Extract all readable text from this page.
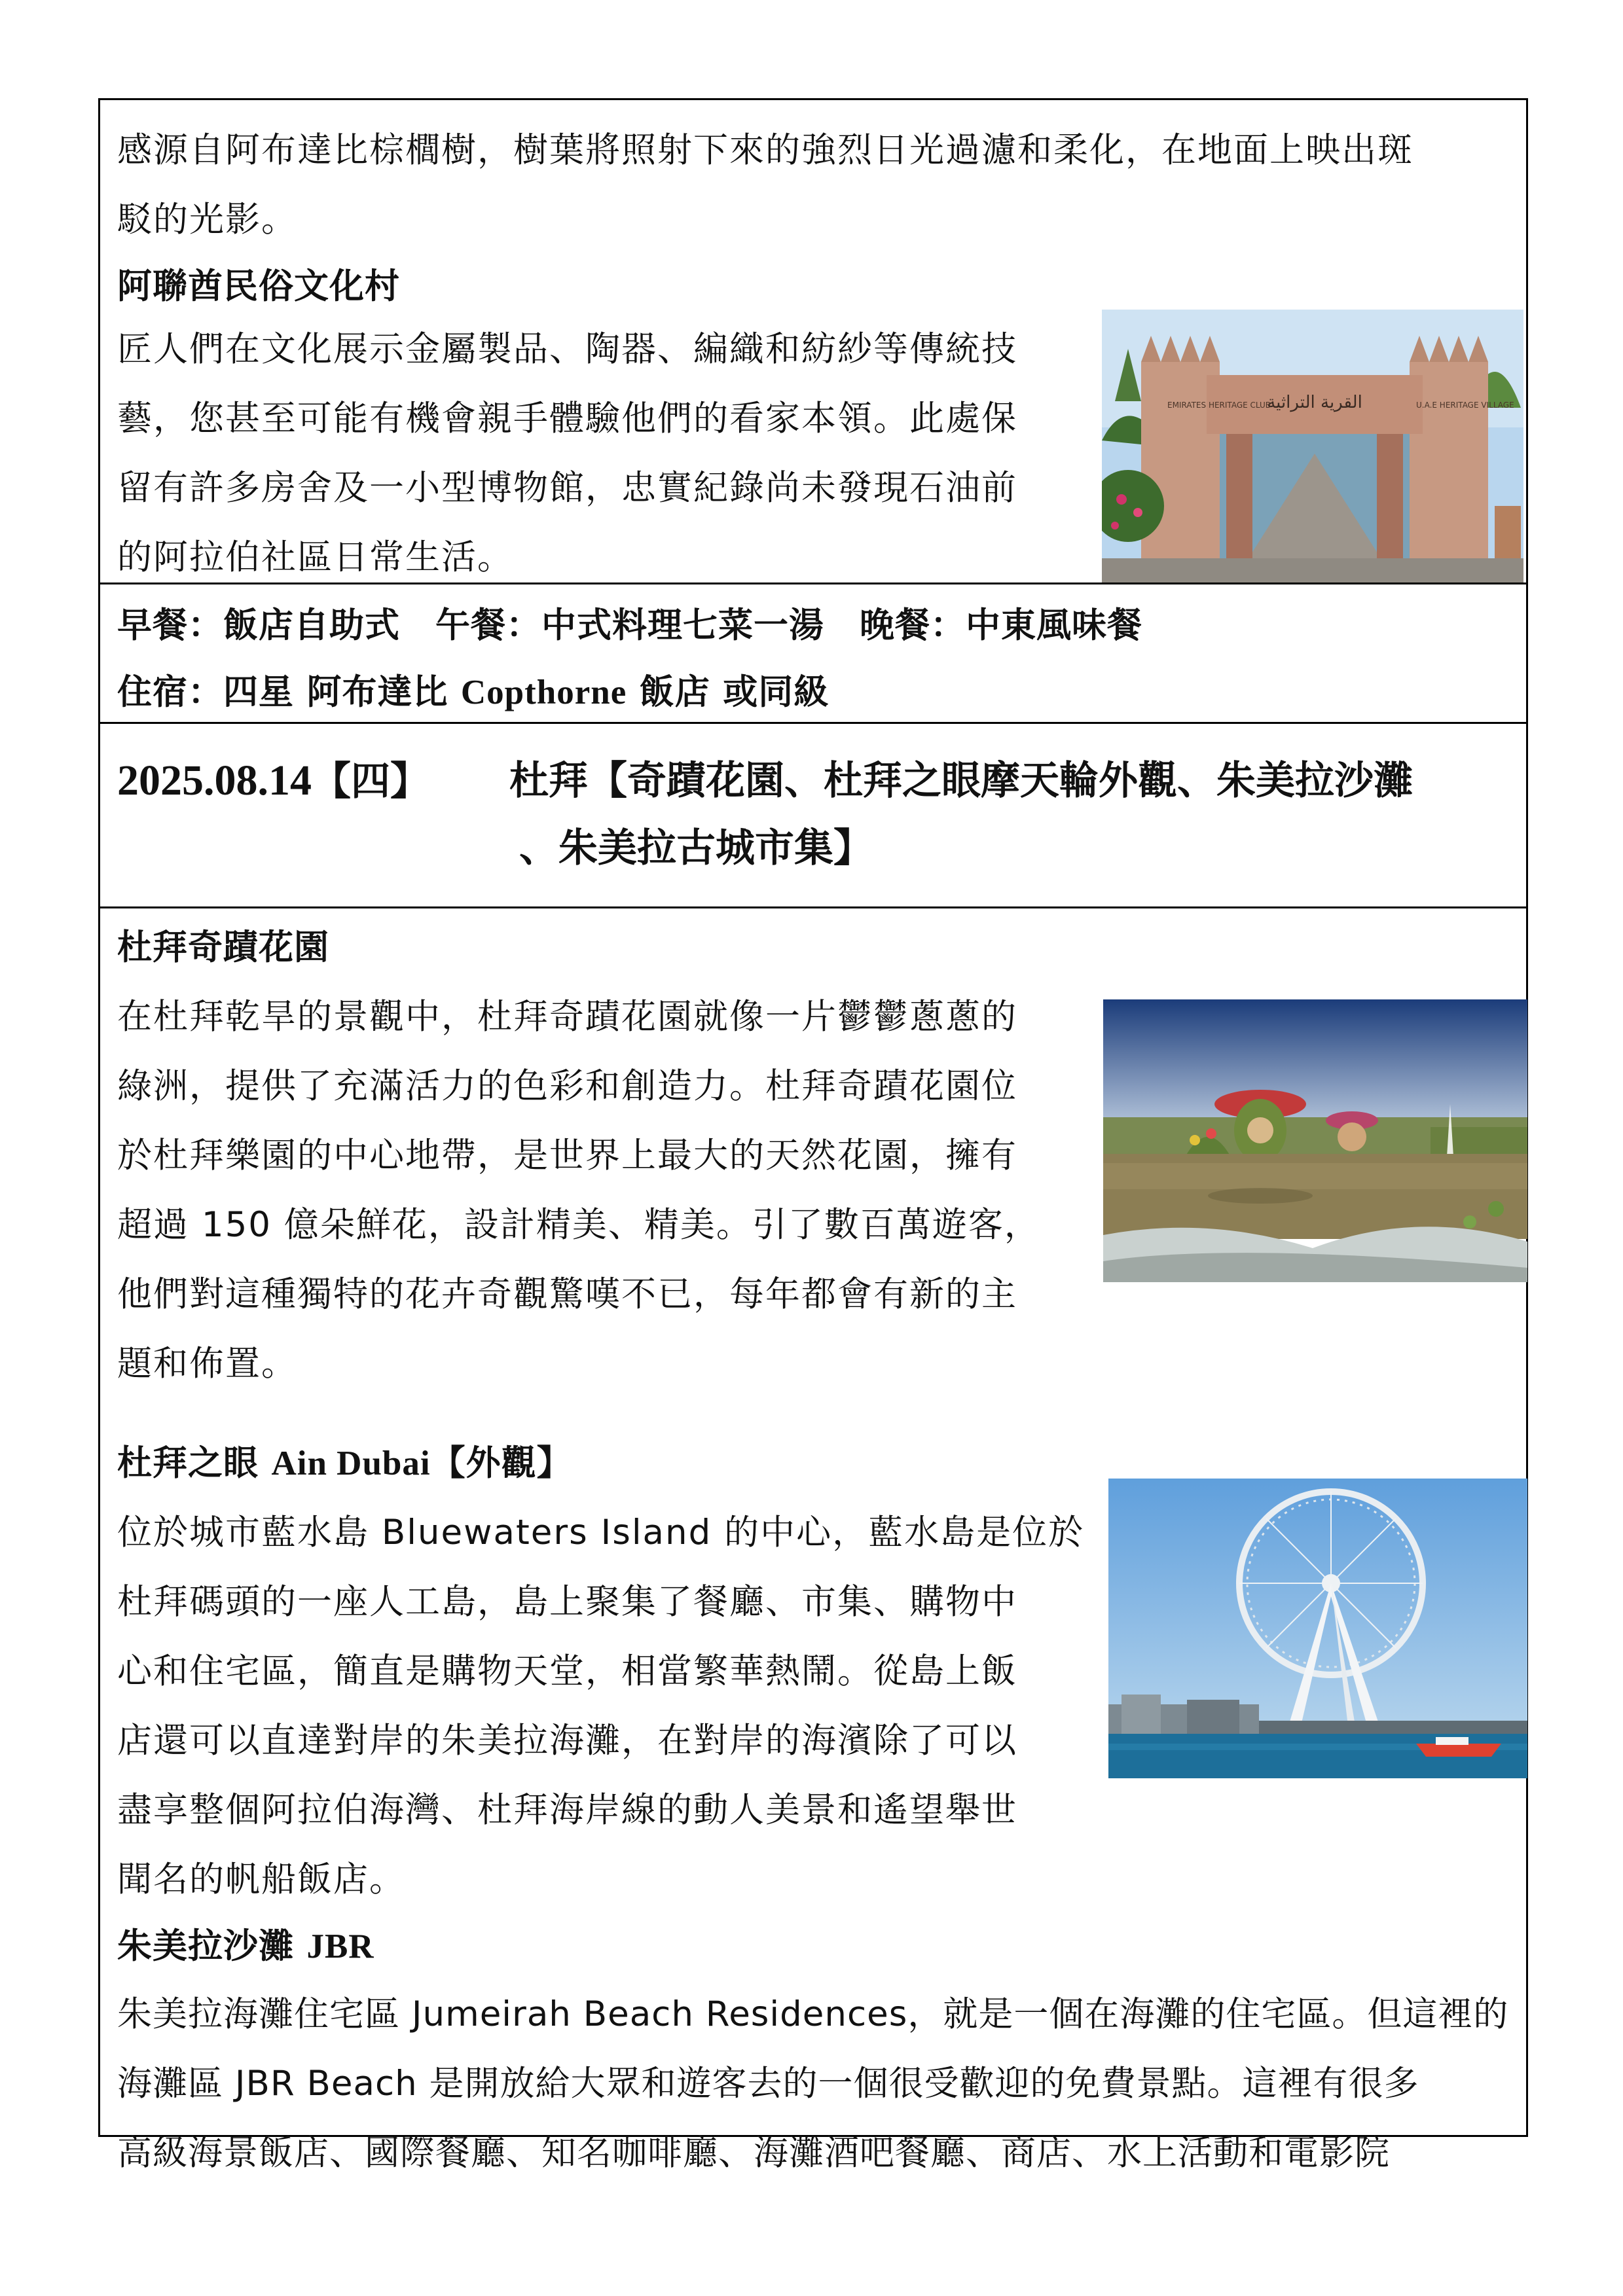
感源自阿布達比棕櫚樹，樹葉將照射下來的強烈日光過濾和柔化，在地面上映出斑
駁的光影。
阿聯酋民俗文化村
匠人們在文化展示金屬製品、陶器、編織和紡紗等傳統技
藝，您甚至可能有機會親手體驗他們的看家本領。此處保
留有許多房舍及一小型博物館，忠實紀錄尚未發現石油前
的阿拉伯社區日常生活。
القرية التراثية
EMIRATES HERITAGE CLUB	U.A.E HERITAGE VILLAGE
早餐：飯店自助式　午餐：中式料理七菜一湯　晚餐：中東風味餐
住宿：四星 阿布達比 Copthorne 飯店 或同級
2025.08.14【四】 杜拜【奇蹟花園、杜拜之眼摩天輪外觀、朱美拉沙灘
、朱美拉古城市集】
杜拜奇蹟花園
在杜拜乾旱的景觀中，杜拜奇蹟花園就像一片鬱鬱蔥蔥的
綠洲，提供了充滿活力的色彩和創造力。杜拜奇蹟花園位
於杜拜樂園的中心地帶，是世界上最大的天然花園，擁有
超過 150 億朵鮮花，設計精美、精美。引了數百萬遊客，
他們對這種獨特的花卉奇觀驚嘆不已，每年都會有新的主
題和佈置。
杜拜之眼 Ain Dubai【外觀】
位於城市藍水島 Bluewaters Island 的中心，藍水島是位於
杜拜碼頭的一座人工島，島上聚集了餐廳、市集、購物中
心和住宅區，簡直是購物天堂，相當繁華熱鬧。從島上飯
店還可以直達對岸的朱美拉海灘，在對岸的海濱除了可以
盡享整個阿拉伯海灣、杜拜海岸線的動人美景和遙望舉世
聞名的帆船飯店。
朱美拉沙灘 JBR
朱美拉海灘住宅區 Jumeirah Beach Residences，就是一個在海灘的住宅區。但這裡的
海灘區 JBR Beach 是開放給大眾和遊客去的一個很受歡迎的免費景點。這裡有很多
高級海景飯店、國際餐廳、知名咖啡廳、海灘酒吧餐廳、商店、水上活動和電影院
